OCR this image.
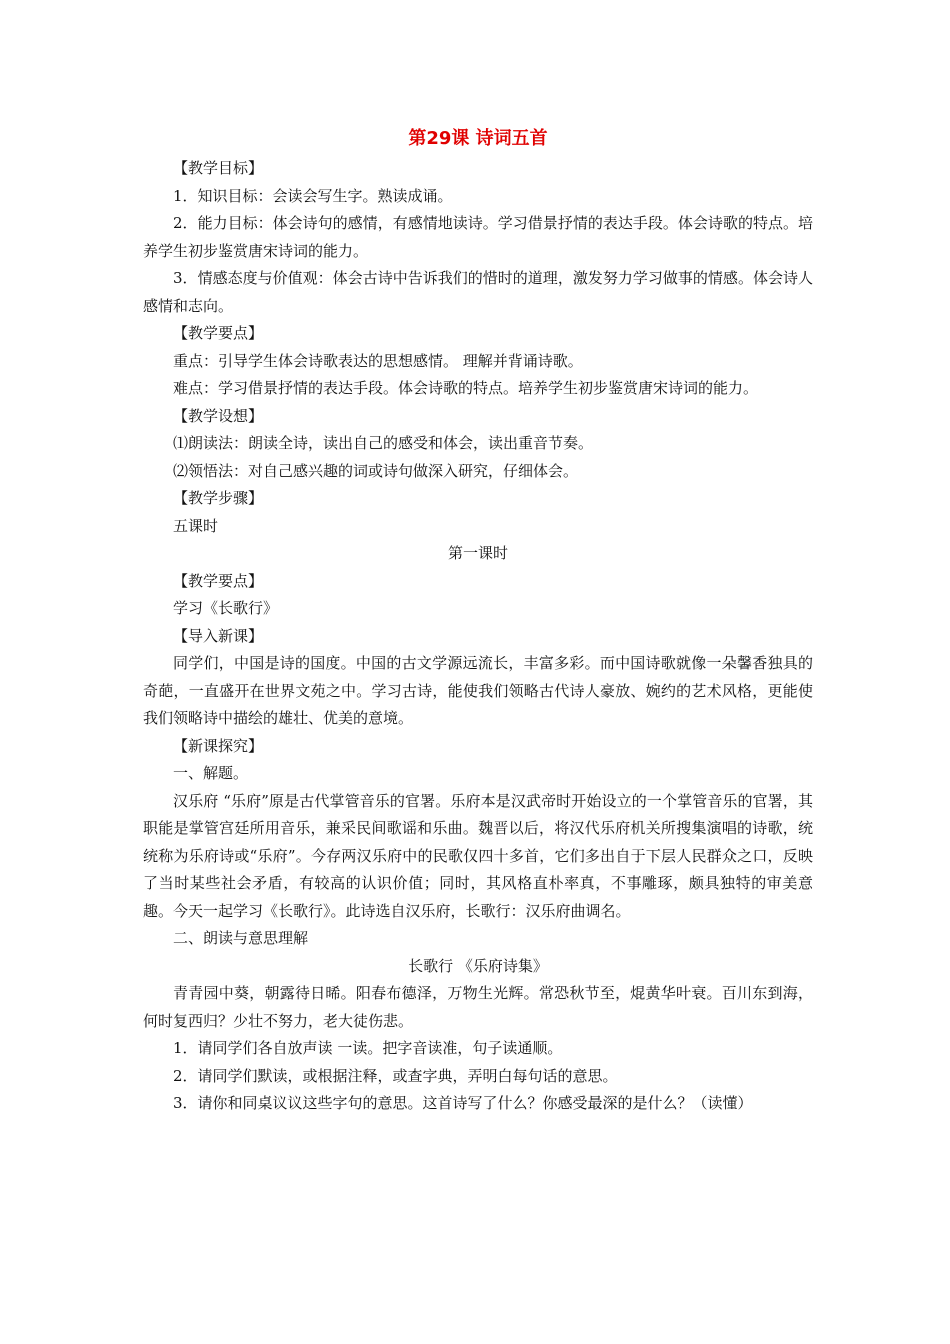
第29课 诗词五首

【教学目标】

1．知识目标：会读会写生字。熟读成诵。

2．能力目标：体会诗句的感情，有感情地读诗。学习借景抒情的表达手段。体会诗歌的特点。培养学生初步鉴赏唐宋诗词的能力。

3．情感态度与价值观：体会古诗中告诉我们的惜时的道理，激发努力学习做事的情感。体会诗人感情和志向。

【教学要点】

重点：引导学生体会诗歌表达的思想感情。 理解并背诵诗歌。

难点：学习借景抒情的表达手段。体会诗歌的特点。培养学生初步鉴赏唐宋诗词的能力。

【教学设想】

⑴朗读法：朗读全诗，读出自己的感受和体会，读出重音节奏。

⑵领悟法：对自己感兴趣的词或诗句做深入研究，仔细体会。

【教学步骤】

五课时

第一课时

【教学要点】

学习《长歌行》

【导入新课】

同学们，中国是诗的国度。中国的古文学源远流长，丰富多彩。而中国诗歌就像一朵馨香独具的奇葩，一直盛开在世界文苑之中。学习古诗，能使我们领略古代诗人豪放、婉约的艺术风格，更能使我们领略诗中描绘的雄壮、优美的意境。

【新课探究】

一、解题。

汉乐府 “乐府”原是古代掌管音乐的官署。乐府本是汉武帝时开始设立的一个掌管音乐的官署，其职能是掌管宫廷所用音乐，兼采民间歌谣和乐曲。魏晋以后，将汉代乐府机关所搜集演唱的诗歌，统统称为乐府诗或“乐府”。今存两汉乐府中的民歌仅四十多首，它们多出自于下层人民群众之口，反映了当时某些社会矛盾，有较高的认识价值；同时，其风格直朴率真，不事雕琢，颇具独特的审美意趣。今天一起学习《长歌行》。此诗选自汉乐府，长歌行：汉乐府曲调名。

二、朗读与意思理解

长歌行 《乐府诗集》

青青园中葵，朝露待日晞。阳春布德泽，万物生光辉。常恐秋节至，焜黄华叶衰。百川东到海，何时复西归？少壮不努力，老大徒伤悲。

1．请同学们各自放声读 一读。把字音读准，句子读通顺。

2．请同学们默读，或根据注释，或查字典，弄明白每句话的意思。

3．请你和同桌议议这些字句的意思。这首诗写了什么？你感受最深的是什么？（读懂）
